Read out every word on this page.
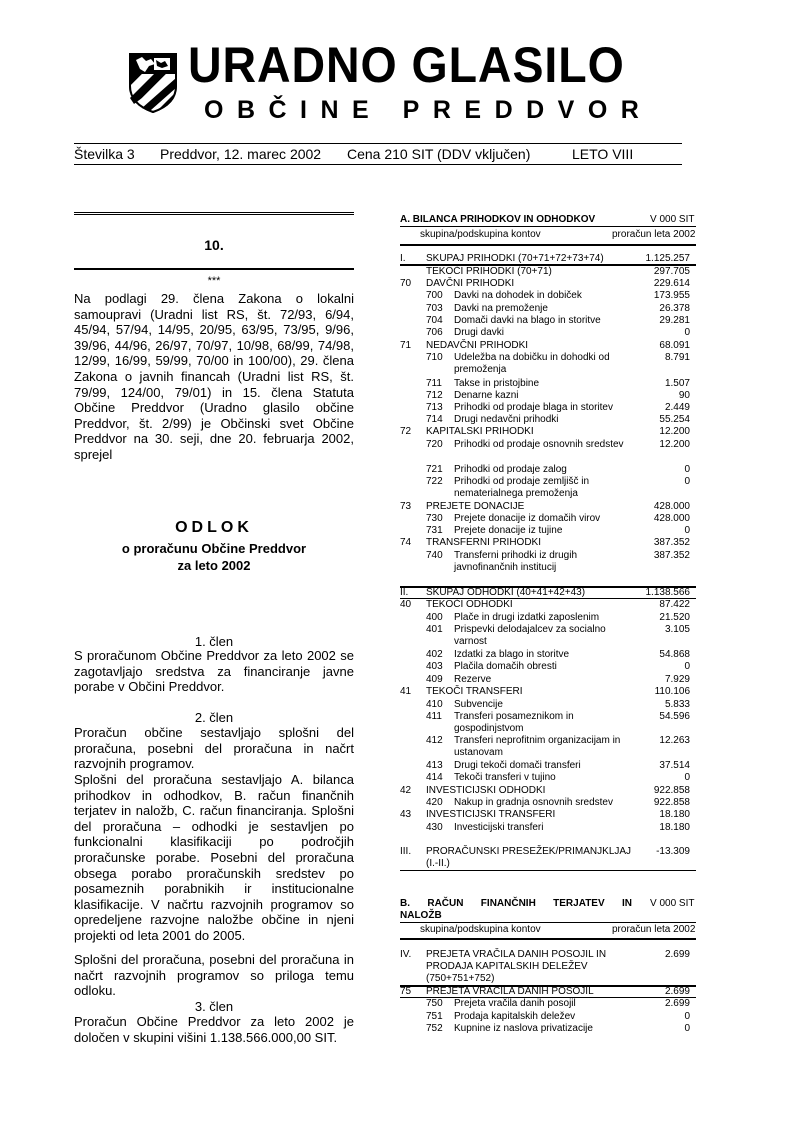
URADNO GLASILO
OBČINE PREDDVOR
Številka 3 Preddvor, 12. marec 2002 Cena 210 SIT (DDV vključen)	LETO VIII
10.
***
Na podlagi 29. člena Zakona o lokalni samoupravi (Uradni list RS, št. 72/93, 6/94, 45/94, 57/94, 14/95, 20/95, 63/95, 73/95, 9/96, 39/96, 44/96, 26/97, 70/97, 10/98, 68/99, 74/98, 12/99, 16/99, 59/99, 70/00 in 100/00), 29. člena Zakona o javnih financah (Uradni list RS, št. 79/99, 124/00, 79/01) in 15. člena Statuta Občine Preddvor (Uradno glasilo občine Preddvor, št. 2/99) je Občinski svet Občine Preddvor na 30. seji, dne 20. februarja 2002, sprejel
ODLOK
o proračunu Občine Preddvor
za leto 2002
1. člen
S proračunom Občine Preddvor za leto 2002 se zagotavljajo sredstva za financiranje javne porabe v Občini Preddvor.
2. člen
Proračun občine sestavljajo splošni del proračuna, posebni del proračuna in načrt razvojnih programov.
Splošni del proračuna sestavljajo A. bilanca prihodkov in odhodkov, B. račun finančnih terjatev in naložb, C. račun financiranja. Splošni del proračuna – odhodki je sestavljen po funkcionalni klasifikaciji po področjih proračunske porabe. Posebni del proračuna obsega porabo proračunskih sredstev po posameznih porabnikih ir institucionalne klasifikacije. V načrtu razvojnih programov so opredeljene razvojne naložbe občine in njeni projekti od leta 2001 do 2005.
Splošni del proračuna, posebni del proračuna in načrt razvojnih programov so priloga temu odloku.
3. člen
Proračun Občine Preddvor za leto 2002 je določen v skupini višini 1.138.566.000,00 SIT.
A. BILANCA PRIHODKOV IN ODHODKOV	V 000 SIT
skupina/podskupina kontov	proračun leta 2002
I. SKUPAJ PRIHODKI (70+71+72+73+74)	1.125.257
TEKOČI PRIHODKI (70+71)	297.705
70 DAVČNI PRIHODKI	229.614
700 Davki na dohodek in dobiček	173.955
703 Davki na premoženje	26.378
704 Domači davki na blago in storitve	29.281
706 Drugi davki	0
71 NEDAVČNI PRIHODKI	68.091
710 Udeležba na dobičku in dohodki od premoženja
8.791
711 Takse in pristojbine	1.507
712 Denarne kazni	90
713 Prihodki od prodaje blaga in storitev	2.449
714 Drugi nedavčni prihodki	55.254
72 KAPITALSKI PRIHODKI	12.200
720 Prihodki od prodaje osnovnih sredstev	12.200
721 Prihodki od prodaje zalog	0
722 Prihodki od prodaje zemljišč in nematerialnega premoženja
0
73 PREJETE DONACIJE	428.000
730 Prejete donacije iz domačih virov	428.000
731 Prejete donacije iz tujine	0
74 TRANSFERNI PRIHODKI	387.352
740 Transferni prihodki iz drugih javnofinančnih institucij
387.352
II. SKUPAJ ODHODKI (40+41+42+43)	1.138.566
40 TEKOČI ODHODKI	87.422
400 Plače in drugi izdatki zaposlenim	21.520
401 Prispevki delodajalcev za socialno varnost
3.105
402 Izdatki za blago in storitve	54.868
403 Plačila domačih obresti	0
409 Rezerve	7.929
41 TEKOČI TRANSFERI	110.106
410 Subvencije	5.833
411 Transferi posameznikom in gospodinjstvom
54.596
412 Transferi neprofitnim organizacijam in ustanovam
12.263
413 Drugi tekoči domači transferi	37.514
414 Tekoči transferi v tujino	0
42 INVESTICIJSKI ODHODKI	922.858
420 Nakup in gradnja osnovnih sredstev	922.858
43 INVESTICIJSKI TRANSFERI	18.180
430 Investicijski transferi	18.180
III. PRORAČUNSKI PRESEŽEK/PRIMANJKLJAJ (I.-II.)
-13.309
B. RAČUN FINANČNIH TERJATEV IN NALOŽB
V 000 SIT
skupina/podskupina kontov	proračun leta 2002
IV. PREJETA VRAČILA DANIH POSOJIL IN PRODAJA KAPITALSKIH DELEŽEV (750+751+752)
2.699
75 PREJETA VRAČILA DANIH POSOJIL	2.699
750 Prejeta vračila danih posojil	2.699
751 Prodaja kapitalskih deležev	0
752 Kupnine iz naslova privatizacije	0
